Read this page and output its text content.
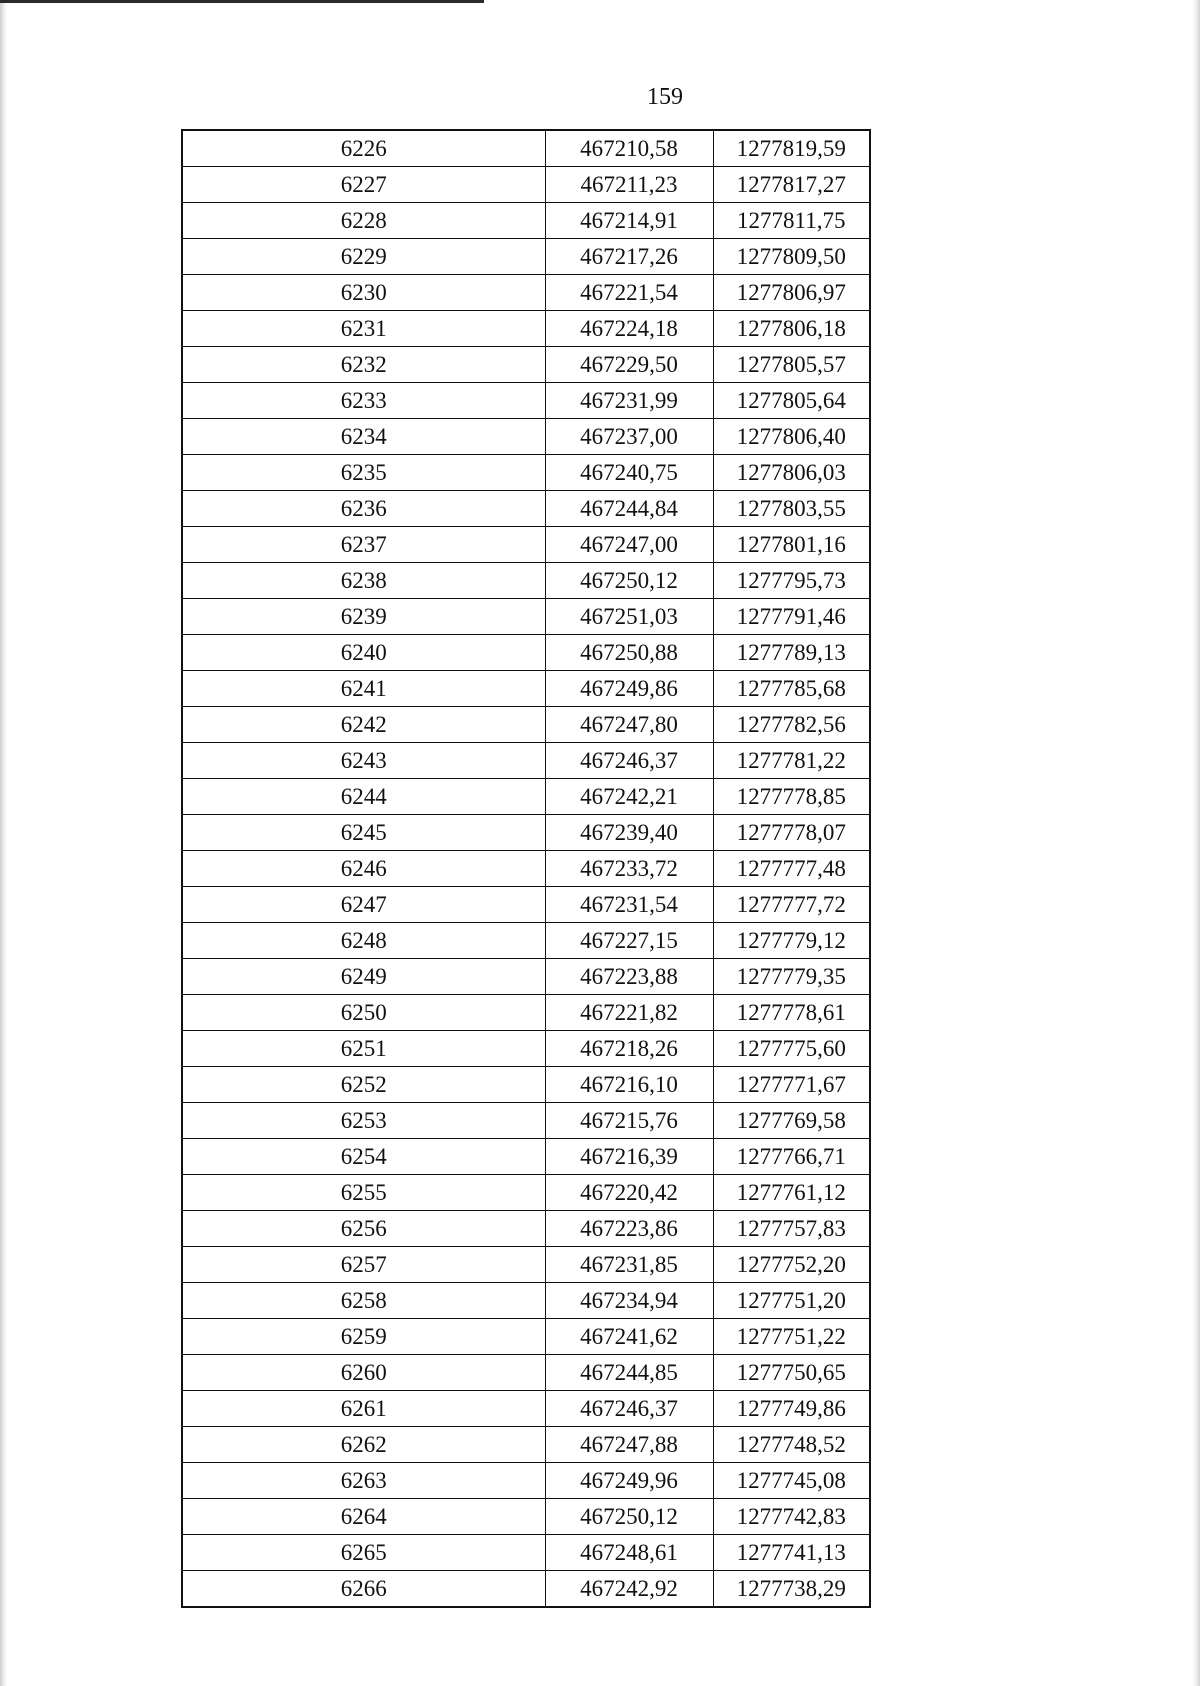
159
6226	467210,58	1277819,59
6227	467211,23	1277817,27
6228	467214,91	1277811,75
6229	467217,26	1277809,50
6230	467221,54	1277806,97
6231	467224,18	1277806,18
6232	467229,50	1277805,57
6233	467231,99	1277805,64
6234	467237,00	1277806,40
6235	467240,75	1277806,03
6236	467244,84	1277803,55
6237	467247,00	1277801,16
6238	467250,12	1277795,73
6239	467251,03	1277791,46
6240	467250,88	1277789,13
6241	467249,86	1277785,68
6242	467247,80	1277782,56
6243	467246,37	1277781,22
6244	467242,21	1277778,85
6245	467239,40	1277778,07
6246	467233,72	1277777,48
6247	467231,54	1277777,72
6248	467227,15	1277779,12
6249	467223,88	1277779,35
6250	467221,82	1277778,61
6251	467218,26	1277775,60
6252	467216,10	1277771,67
6253	467215,76	1277769,58
6254	467216,39	1277766,71
6255	467220,42	1277761,12
6256	467223,86	1277757,83
6257	467231,85	1277752,20
6258	467234,94	1277751,20
6259	467241,62	1277751,22
6260	467244,85	1277750,65
6261	467246,37	1277749,86
6262	467247,88	1277748,52
6263	467249,96	1277745,08
6264	467250,12	1277742,83
6265	467248,61	1277741,13
6266	467242,92	1277738,29
